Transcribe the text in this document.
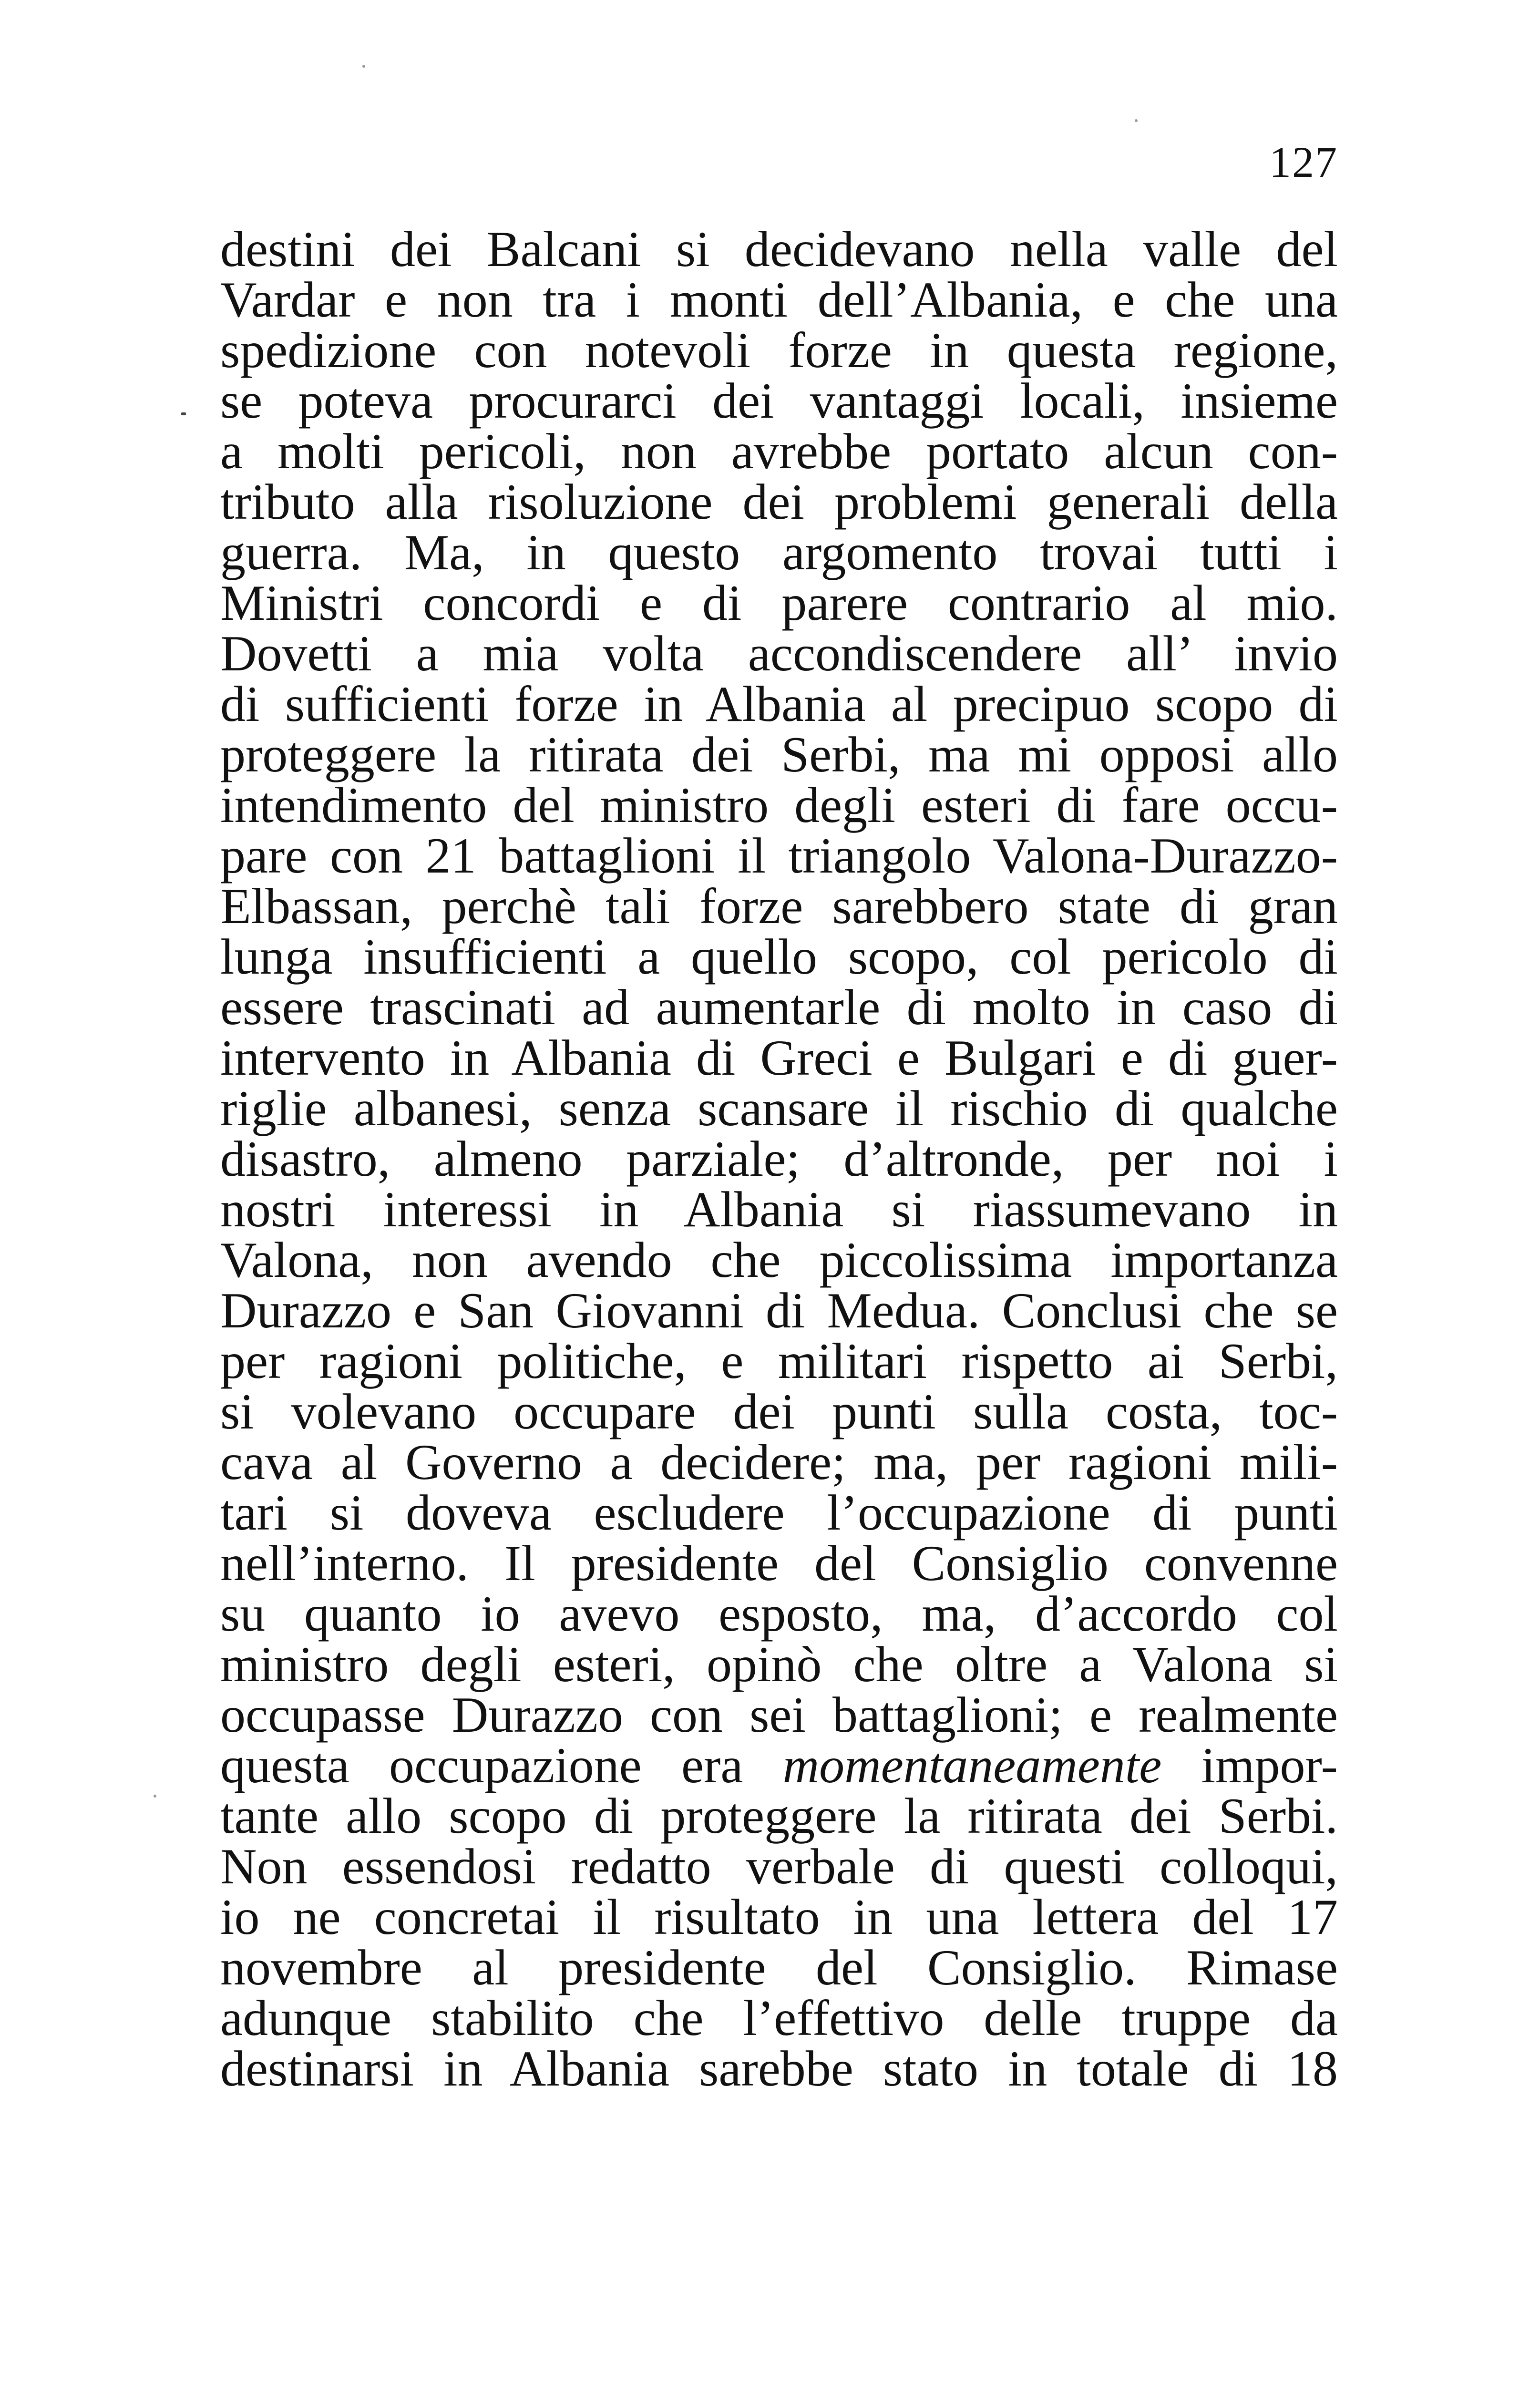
127
destini dei Balcani si decidevano nella valle del
Vardar e non tra i monti dell’Albania, e che una
spedizione con notevoli forze in questa regione,
se poteva procurarci dei vantaggi locali, insieme
a molti pericoli, non avrebbe portato alcun con-
tributo alla risoluzione dei problemi generali della
guerra. Ma, in questo argomento trovai tutti i
Ministri concordi e di parere contrario al mio.
Dovetti a mia volta accondiscendere all’ invio
di sufficienti forze in Albania al precipuo scopo di
proteggere la ritirata dei Serbi, ma mi opposi allo
intendimento del ministro degli esteri di fare occu-
pare con 21 battaglioni il triangolo Valona-Durazzo-
Elbassan, perchè tali forze sarebbero state di gran
lunga insufficienti a quello scopo, col pericolo di
essere trascinati ad aumentarle di molto in caso di
intervento in Albania di Greci e Bulgari e di guer-
riglie albanesi, senza scansare il rischio di qualche
disastro, almeno parziale; d’altronde, per noi i
nostri interessi in Albania si riassumevano in
Valona, non avendo che piccolissima importanza
Durazzo e San Giovanni di Medua. Conclusi che se
per ragioni politiche, e militari rispetto ai Serbi,
si volevano occupare dei punti sulla costa, toc-
cava al Governo a decidere; ma, per ragioni mili-
tari si doveva escludere l’occupazione di punti
nell’interno. Il presidente del Consiglio convenne
su quanto io avevo esposto, ma, d’accordo col
ministro degli esteri, opinò che oltre a Valona si
occupasse Durazzo con sei battaglioni; e realmente
questa occupazione era momentaneamente impor-
tante allo scopo di proteggere la ritirata dei Serbi.
Non essendosi redatto verbale di questi colloqui,
io ne concretai il risultato in una lettera del 17
novembre al presidente del Consiglio. Rimase
adunque stabilito che l’effettivo delle truppe da
destinarsi in Albania sarebbe stato in totale di 18
